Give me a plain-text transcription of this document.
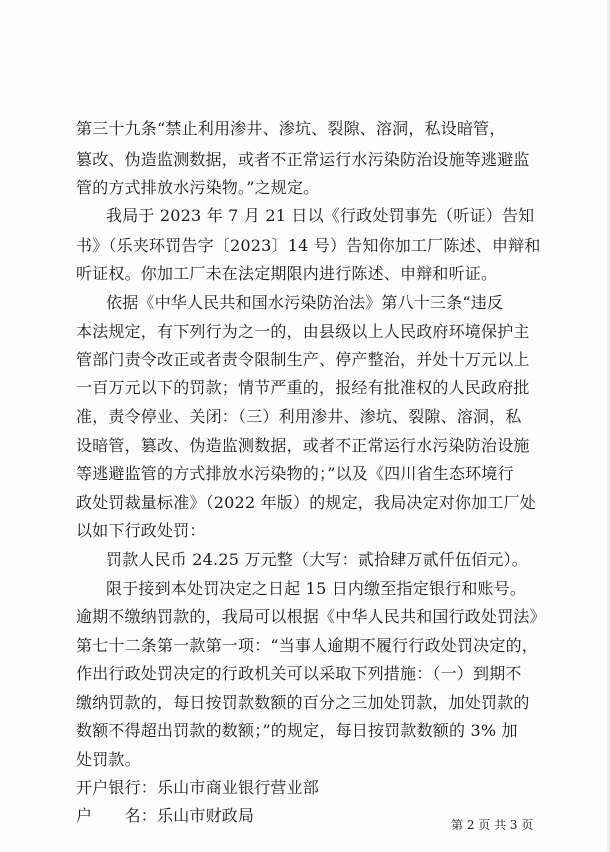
第三十九条“禁止利用渗井、渗坑、裂隙、溶洞，私设暗管，
篡改、伪造监测数据，或者不正常运行水污染防治设施等逃避监
管的方式排放水污染物。”之规定。
我局于 2023 年 7 月 21 日以《行政处罚事先（听证）告知
书》（乐夹环罚告字〔2023〕14 号）告知你加工厂陈述、申辩和
听证权。你加工厂未在法定期限内进行陈述、申辩和听证。
依据《中华人民共和国水污染防治法》第八十三条“违反
本法规定，有下列行为之一的，由县级以上人民政府环境保护主
管部门责令改正或者责令限制生产、停产整治，并处十万元以上
一百万元以下的罚款；情节严重的，报经有批准权的人民政府批
准，责令停业、关闭：（三）利用渗井、渗坑、裂隙、溶洞，私
设暗管，篡改、伪造监测数据，或者不正常运行水污染防治设施
等逃避监管的方式排放水污染物的；”以及《四川省生态环境行
政处罚裁量标准》（2022 年版）的规定，我局决定对你加工厂处
以如下行政处罚：
罚款人民币 24.25 万元整（大写：贰拾肆万贰仟伍佰元）。
限于接到本处罚决定之日起 15 日内缴至指定银行和账号。
逾期不缴纳罚款的，我局可以根据《中华人民共和国行政处罚法》
第七十二条第一款第一项：“当事人逾期不履行行政处罚决定的，
作出行政处罚决定的行政机关可以采取下列措施：（一）到期不
缴纳罚款的，每日按罚款数额的百分之三加处罚款，加处罚款的
数额不得超出罚款的数额；”的规定，每日按罚款数额的 3% 加
处罚款。
开户银行：乐山市商业银行营业部
户　　名：乐山市财政局	第 2 页 共 3 页
